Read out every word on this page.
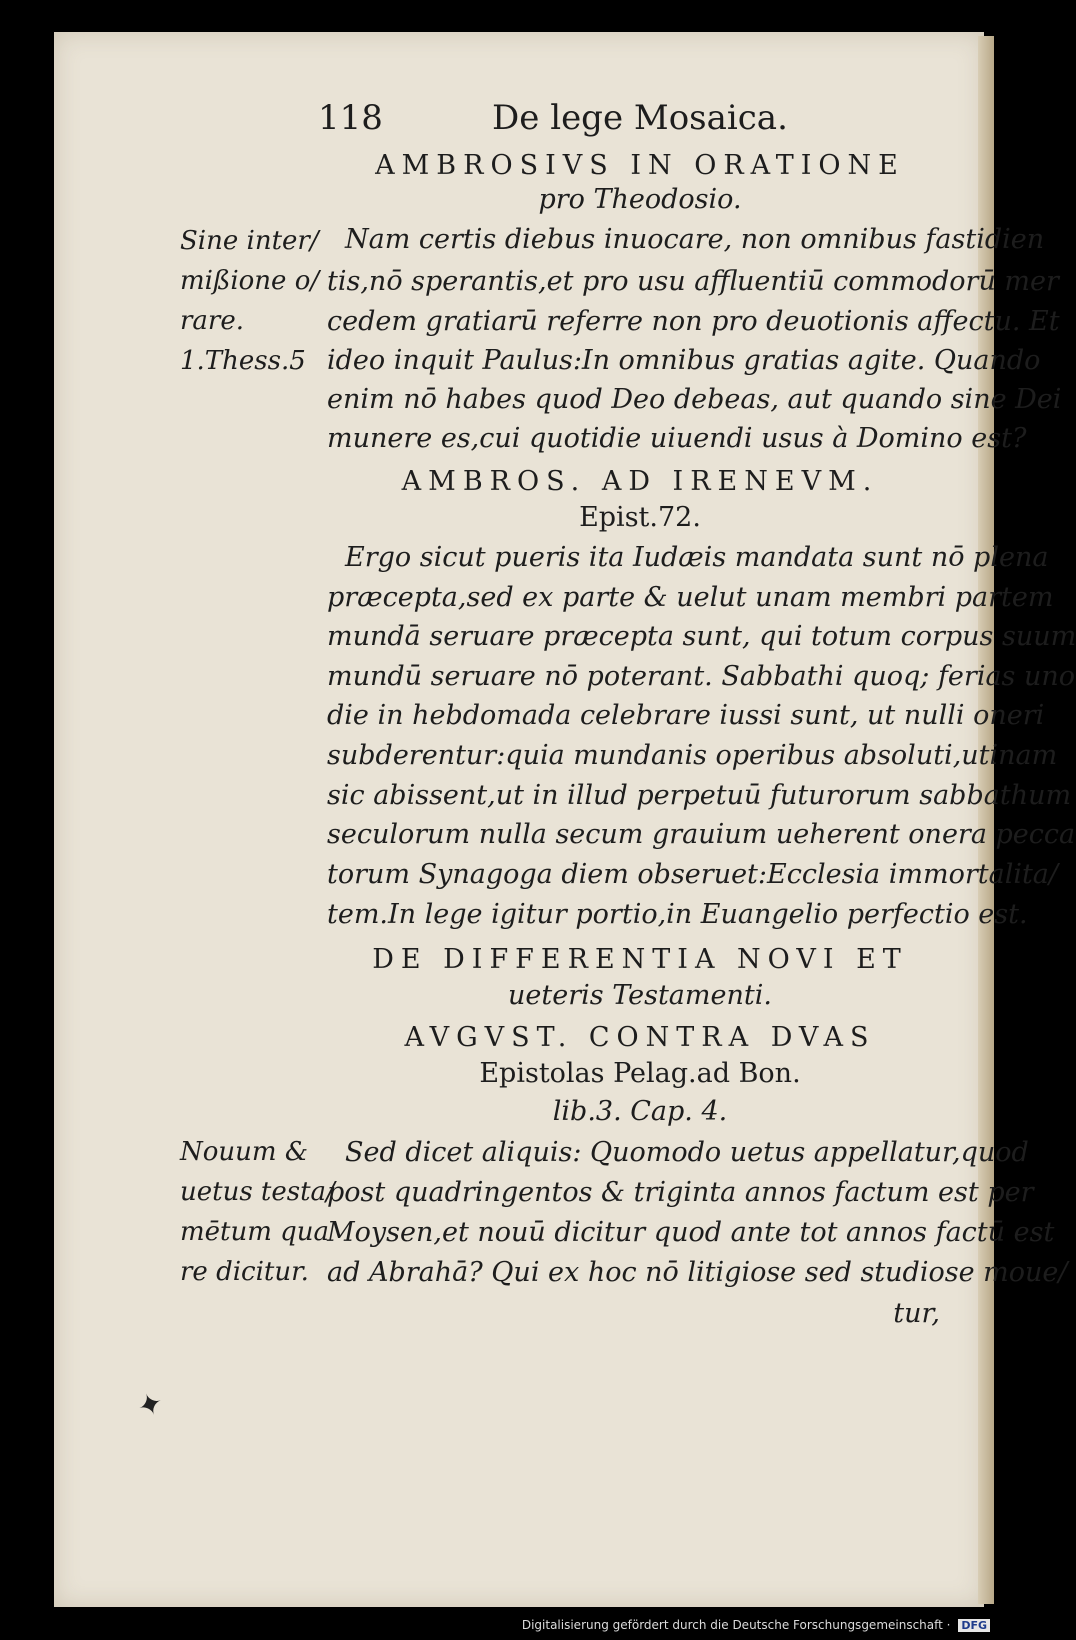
118	De lege Mosaica.
AMBROSIVS IN ORATIONE
pro Theodosio.
Nam certis diebus inuocare, non omnibus fastidien
tis,nō sperantis,et pro usu affluentiū commodorū mer
cedem gratiarū referre non pro deuotionis affectu. Et
ideo inquit Paulus:In omnibus gratias agite. Quando
enim nō habes quod Deo debeas, aut quando sine Dei
munere es,cui quotidie uiuendi usus à Domino est?
Sine inter/
mißione o/
rare.
1.Thess.5
AMBROS. AD IRENEVM.
Epist.72.
Ergo sicut pueris ita Iudæis mandata sunt nō plena
præcepta,sed ex parte & uelut unam membri partem
mundā seruare præcepta sunt, qui totum corpus suum
mundū seruare nō poterant. Sabbathi quoq; ferias uno
die in hebdomada celebrare iussi sunt, ut nulli oneri
subderentur:quia mundanis operibus absoluti,utinam
sic abissent,ut in illud perpetuū futurorum sabbathum
seculorum nulla secum grauium ueherent onera pecca
torum Synagoga diem obseruet:Ecclesia immortalita/
tem.In lege igitur portio,in Euangelio perfectio est.
DE DIFFERENTIA NOVI ET
ueteris Testamenti.
AVGVST. CONTRA DVAS
Epistolas Pelag.ad Bon.
lib.3. Cap. 4.
Sed dicet aliquis: Quomodo uetus appellatur,quod
post quadringentos & triginta annos factum est per
Moysen,et nouū dicitur quod ante tot annos factū est
ad Abrahā? Qui ex hoc nō litigiose sed studiose moue/
Nouum &
uetus testa/
mētum qua
re dicitur.
tur,
✦
Digitalisierung gefördert durch die Deutsche Forschungsgemeinschaft · DFG
